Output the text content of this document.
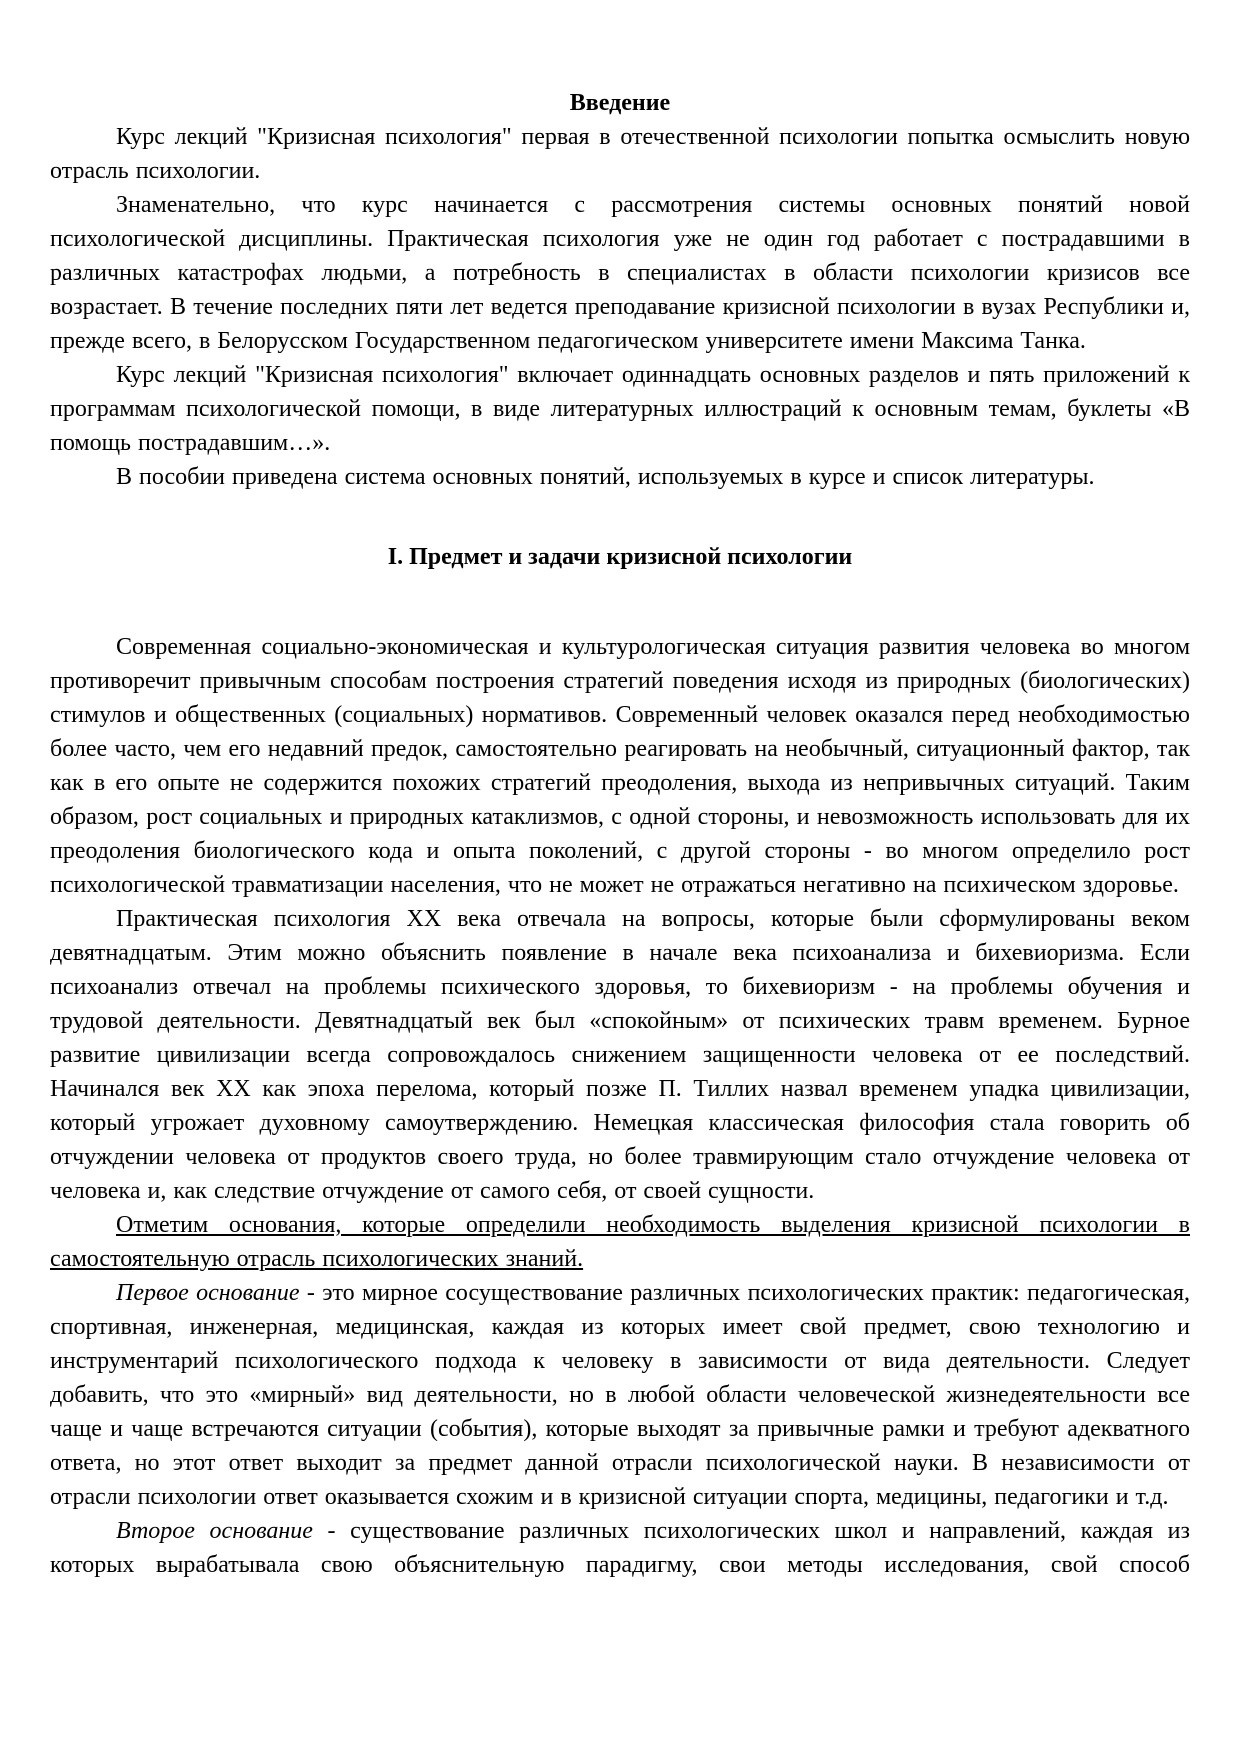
Введение

Курс лекций "Кризисная психология" первая в отечественной психологии попытка осмыслить новую отрасль психологии.

Знаменательно, что курс начинается с рассмотрения системы основных понятий новой психологической дисциплины. Практическая психология уже не один год работает с пострадавшими в различных катастрофах людьми, а потребность в специалистах в области психологии кризисов все возрастает. В течение последних пяти лет ведется преподавание кризисной психологии в вузах Республики и, прежде всего, в Белорусском Государственном педагогическом университете имени Максима Танка.

Курс лекций "Кризисная психология" включает одиннадцать основных разделов и пять приложений к программам психологической помощи, в виде литературных иллюстраций к основным темам, буклеты «В помощь пострадавшим…».

В пособии приведена система основных понятий, используемых в курсе и список литературы.

I. Предмет и задачи кризисной психологии

Современная социально-экономическая и культурологическая ситуация развития человека во многом противоречит привычным способам построения стратегий поведения исходя из природных (биологических) стимулов и общественных (социальных) нормативов. Современный человек оказался перед необходимостью более часто, чем его недавний предок, самостоятельно реагировать на необычный, ситуационный фактор, так как в его опыте не содержится похожих стратегий преодоления, выхода из непривычных ситуаций. Таким образом, рост социальных и природных катаклизмов, с одной стороны, и невозможность использовать для их преодоления биологического кода и опыта поколений, с другой стороны - во многом определило рост психологической травматизации населения, что не может не отражаться негативно на психическом здоровье.

Практическая психология XX века отвечала на вопросы, которые были сформулированы веком девятнадцатым. Этим можно объяснить появление в начале века психоанализа и бихевиоризма. Если психоанализ отвечал на проблемы психического здоровья, то бихевиоризм - на проблемы обучения и трудовой деятельности. Девятнадцатый век был «спокойным» от психических травм временем. Бурное развитие цивилизации всегда сопровождалось снижением защищенности человека от ее последствий. Начинался век XX как эпоха перелома, который позже П. Тиллих назвал временем упадка цивилизации, который угрожает духовному самоутверждению. Немецкая классическая философия стала говорить об отчуждении человека от продуктов своего труда, но более травмирующим стало отчуждение человека от человека и, как следствие отчуждение от самого себя, от своей сущности.

Отметим основания, которые определили необходимость выделения кризисной психологии в самостоятельную отрасль психологических знаний.

Первое основание - это мирное сосуществование различных психологических практик: педагогическая, спортивная, инженерная, медицинская, каждая из которых имеет свой предмет, свою технологию и инструментарий психологического подхода к человеку в зависимости от вида деятельности. Следует добавить, что это «мирный» вид деятельности, но в любой области человеческой жизнедеятельности все чаще и чаще встречаются ситуации (события), которые выходят за привычные рамки и требуют адекватного ответа, но этот ответ выходит за предмет данной отрасли психологической науки. В независимости от отрасли психологии ответ оказывается схожим и в кризисной ситуации спорта, медицины, педагогики и т.д.

Второе основание - существование различных психологических школ и направлений, каждая из которых вырабатывала свою объяснительную парадигму, свои методы исследования, свой способ
